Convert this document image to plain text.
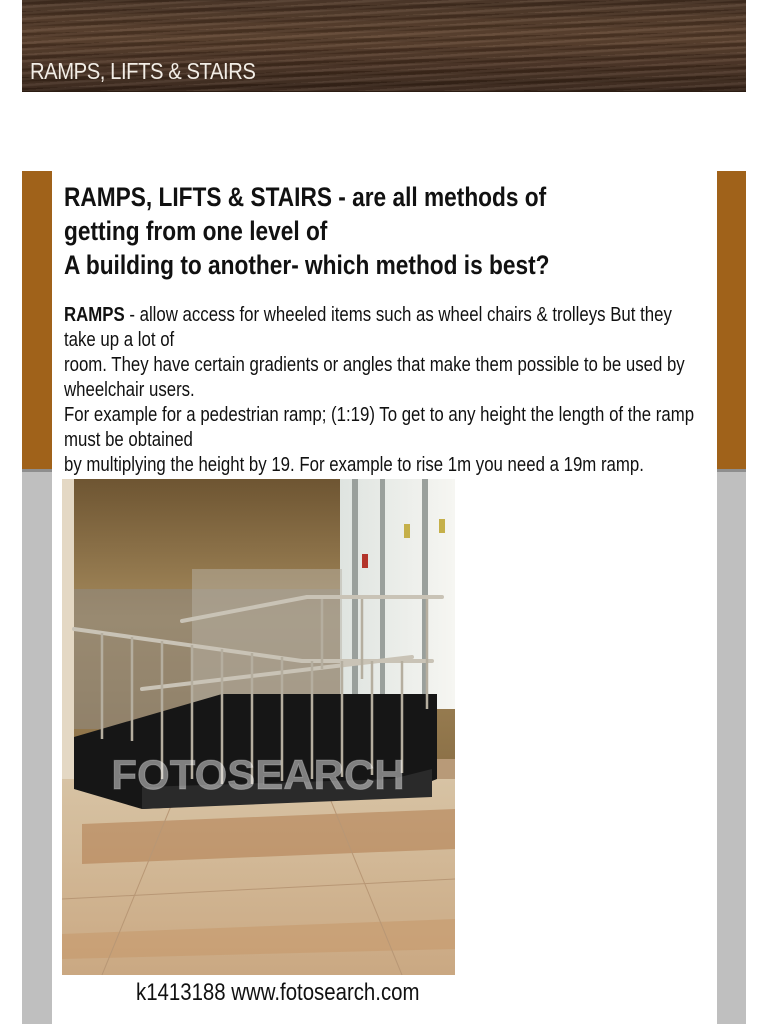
RAMPS, LIFTS & STAIRS
RAMPS, LIFTS & STAIRS - are all methods of getting from one level of
A building to another- which method is best?

RAMPS - allow access for wheeled items such as wheel chairs & trolleys But they take up a lot of
room. They have certain gradients or angles that make them possible to be used by wheelchair users.
For example for a pedestrian ramp; (1:19) To get to any height the length of the ramp must be obtained
by multiplying the height by 19. For example to rise 1m you need a 19m ramp.

FOTOSEARCH
k1413188 www.fotosearch.com
